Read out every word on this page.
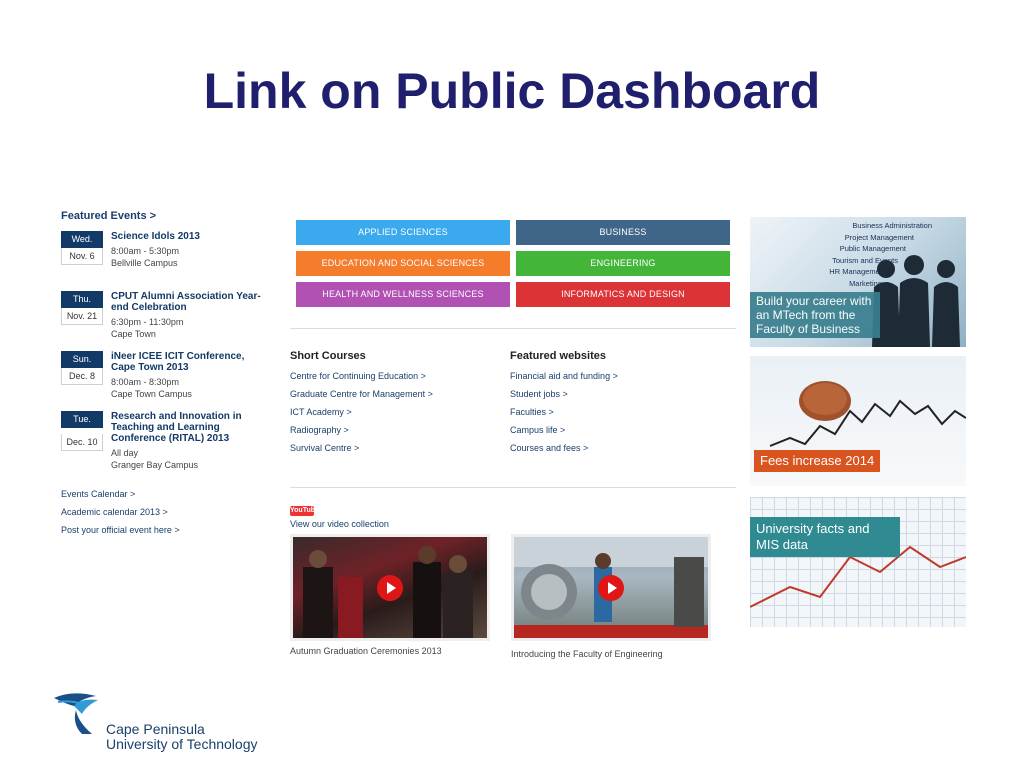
Link on Public Dashboard
Featured Events >
Wed.
Nov. 6
Science Idols 2013
8:00am - 5:30pm
Bellville Campus
Thu.
Nov. 21
CPUT Alumni Association Year-end Celebration
6:30pm - 11:30pm
Cape Town
Sun.
Dec. 8
iNeer ICEE ICIT Conference, Cape Town 2013
8:00am - 8:30pm
Cape Town Campus
Tue.
Dec. 10
Research and Innovation in Teaching and Learning Conference (RITAL) 2013
All day
Granger Bay Campus
Events Calendar >
Academic calendar 2013 >
Post your official event here >
APPLIED SCIENCES	BUSINESS
EDUCATION AND SOCIAL SCIENCES	ENGINEERING
HEALTH AND WELLNESS SCIENCES	INFORMATICS AND DESIGN
Short Courses
Centre for Continuing Education >
Graduate Centre for Management >
ICT Academy >
Radiography >
Survival Centre >
Featured websites
Financial aid and funding >
Student jobs >
Faculties >
Campus life >
Courses and fees >
YouTube
View our video collection
Autumn Graduation Ceremonies 2013	Introducing the Faculty of Engineering
Business Administration
Project Management
Public Management
Tourism and Events
HR Management
Marketing
Build your career with an MTech from the Faculty of Business
Fees increase 2014
University facts and MIS data
Cape Peninsula
University of Technology
